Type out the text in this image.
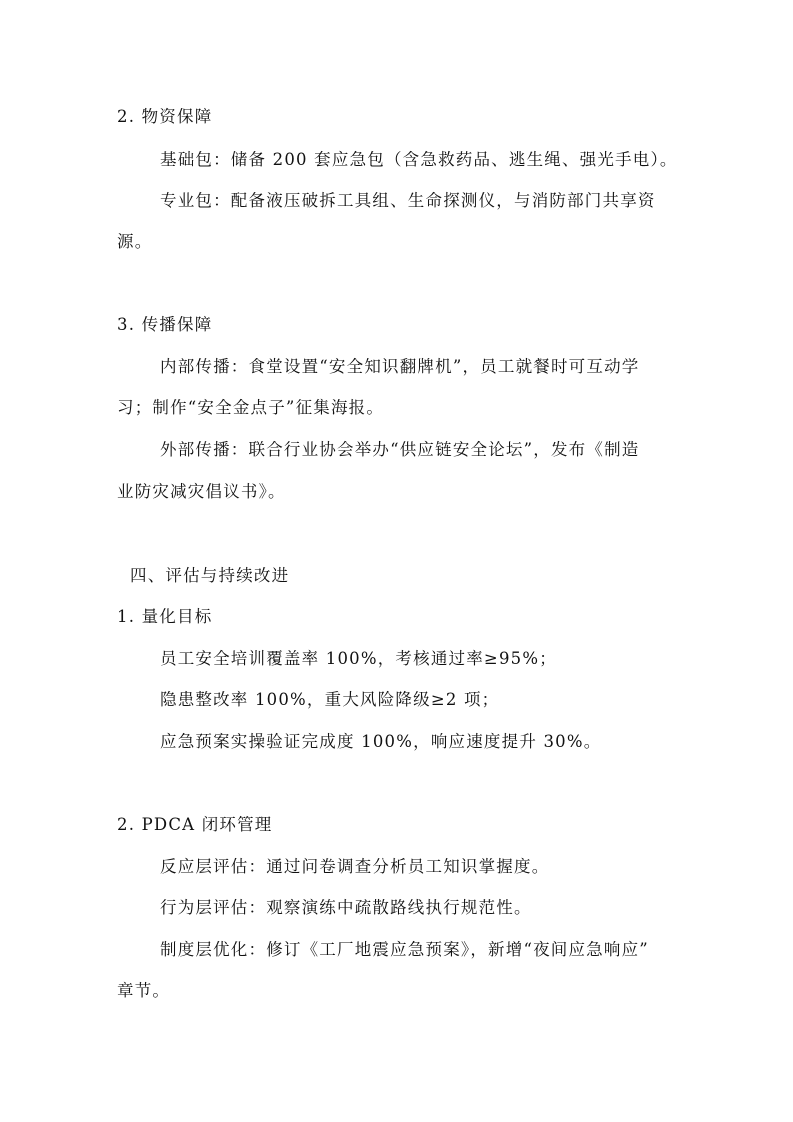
2. 物资保障
基础包：储备 200 套应急包（含急救药品、逃生绳、强光手电）。
专业包：配备液压破拆工具组、生命探测仪，与消防部门共享资
源。
3. 传播保障
内部传播：食堂设置“安全知识翻牌机”，员工就餐时可互动学
习；制作“安全金点子”征集海报。
外部传播：联合行业协会举办“供应链安全论坛”，发布《制造
业防灾减灾倡议书》。
四、评估与持续改进
1. 量化目标
员工安全培训覆盖率 100%，考核通过率≥95%；
隐患整改率 100%，重大风险降级≥2 项；
应急预案实操验证完成度 100%，响应速度提升 30%。
2. PDCA 闭环管理
反应层评估：通过问卷调查分析员工知识掌握度。
行为层评估：观察演练中疏散路线执行规范性。
制度层优化：修订《工厂地震应急预案》，新增“夜间应急响应”
章节。
